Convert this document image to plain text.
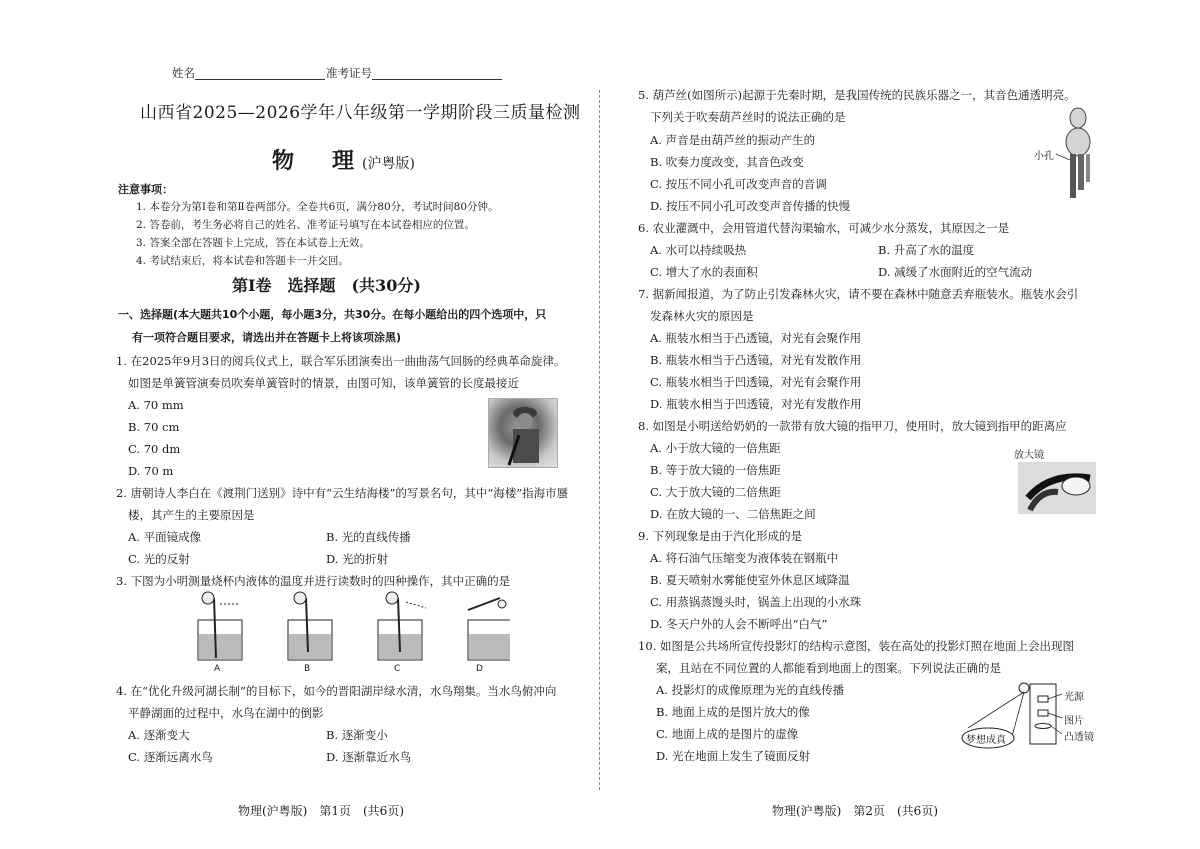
姓名	准考证号
山西省2025—2026学年八年级第一学期阶段三质量检测
物　理(沪粤版)
注意事项：
1. 本卷分为第Ⅰ卷和第Ⅱ卷两部分。全卷共6页，满分80分，考试时间80分钟。
2. 答卷前，考生务必将自己的姓名、准考证号填写在本试卷相应的位置。
3. 答案全部在答题卡上完成，答在本试卷上无效。
4. 考试结束后，将本试卷和答题卡一并交回。
第Ⅰ卷　选择题　(共30分)
一、选择题(本大题共10个小题，每小题3分，共30分。在每小题给出的四个选项中，只
有一项符合题目要求，请选出并在答题卡上将该项涂黑)
1. 在2025年9月3日的阅兵仪式上，联合军乐团演奏出一曲曲荡气回肠的经典革命旋律。
如图是单簧管演奏员吹奏单簧管时的情景，由图可知，该单簧管的长度最接近
A. 70 mm
B. 70 cm
C. 70 dm
D. 70 m
2. 唐朝诗人李白在《渡荆门送别》诗中有“云生结海楼”的写景名句，其中“海楼”指海市蜃
楼，其产生的主要原因是
A. 平面镜成像	B. 光的直线传播
C. 光的反射	D. 光的折射
3. 下图为小明测量烧杯内液体的温度并进行读数时的四种操作，其中正确的是
A	B	C	D
4. 在“优化升级河湖长制”的目标下，如今的晋阳湖岸绿水清，水鸟翔集。当水鸟俯冲向
平静湖面的过程中，水鸟在湖中的倒影
A. 逐渐变大	B. 逐渐变小
C. 逐渐远离水鸟	D. 逐渐靠近水鸟
物理(沪粤版)　第1页　(共6页)
5. 葫芦丝(如图所示)起源于先秦时期，是我国传统的民族乐器之一，其音色通透明亮。
下列关于吹奏葫芦丝时的说法正确的是
A. 声音是由葫芦丝的振动产生的
B. 吹奏力度改变，其音色改变
C. 按压不同小孔可改变声音的音调
D. 按压不同小孔可改变声音传播的快慢
小孔
6. 农业灌溉中，会用管道代替沟渠输水，可减少水分蒸发，其原因之一是
A. 水可以持续吸热	B. 升高了水的温度
C. 增大了水的表面积	D. 减缓了水面附近的空气流动
7. 据新闻报道，为了防止引发森林火灾，请不要在森林中随意丢弃瓶装水。瓶装水会引
发森林火灾的原因是
A. 瓶装水相当于凸透镜，对光有会聚作用
B. 瓶装水相当于凸透镜，对光有发散作用
C. 瓶装水相当于凹透镜，对光有会聚作用
D. 瓶装水相当于凹透镜，对光有发散作用
8. 如图是小明送给奶奶的一款带有放大镜的指甲刀，使用时，放大镜到指甲的距离应
A. 小于放大镜的一倍焦距
B. 等于放大镜的一倍焦距
C. 大于放大镜的二倍焦距
D. 在放大镜的一、二倍焦距之间
放大镜
9. 下列现象是由于汽化形成的是
A. 将石油气压缩变为液体装在钢瓶中
B. 夏天喷射水雾能使室外休息区域降温
C. 用蒸锅蒸馒头时，锅盖上出现的小水珠
D. 冬天户外的人会不断呼出“白气”
10. 如图是公共场所宣传投影灯的结构示意图，装在高处的投影灯照在地面上会出现图
案，且站在不同位置的人都能看到地面上的图案。下列说法正确的是
A. 投影灯的成像原理为光的直线传播
B. 地面上成的是图片放大的像
C. 地面上成的是图片的虚像
D. 光在地面上发生了镜面反射
光源
图片
凸透镜
梦想成真
物理(沪粤版)　第2页　(共6页)
